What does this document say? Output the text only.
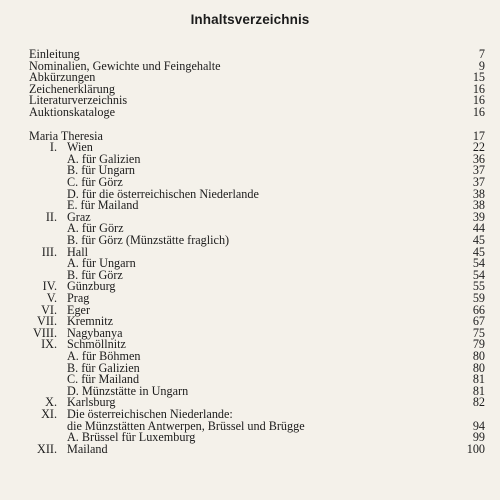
Inhaltsverzeichnis
Einleitung	7
Nominalien, Gewichte und Feingehalte	9
Abkürzungen	15
Zeichenerklärung	16
Literaturverzeichnis	16
Auktionskataloge	16
Maria Theresia	17
I. Wien	22
A. für Galizien	36
B. für Ungarn	37
C. für Görz	37
D. für die österreichischen Niederlande	38
E. für Mailand	38
II. Graz	39
A. für Görz	44
B. für Görz (Münzstätte fraglich)	45
III. Hall	45
A. für Ungarn	54
B. für Görz	54
IV. Günzburg	55
V. Prag	59
VI. Eger	66
VII. Kremnitz	67
VIII. Nagybanya	75
IX. Schmöllnitz	79
A. für Böhmen	80
B. für Galizien	80
C. für Mailand	81
D. Münzstätte in Ungarn	81
X. Karlsburg	82
XI. Die österreichischen Niederlande:
die Münzstätten Antwerpen, Brüssel und Brügge	94
A. Brüssel für Luxemburg	99
XII. Mailand	100
